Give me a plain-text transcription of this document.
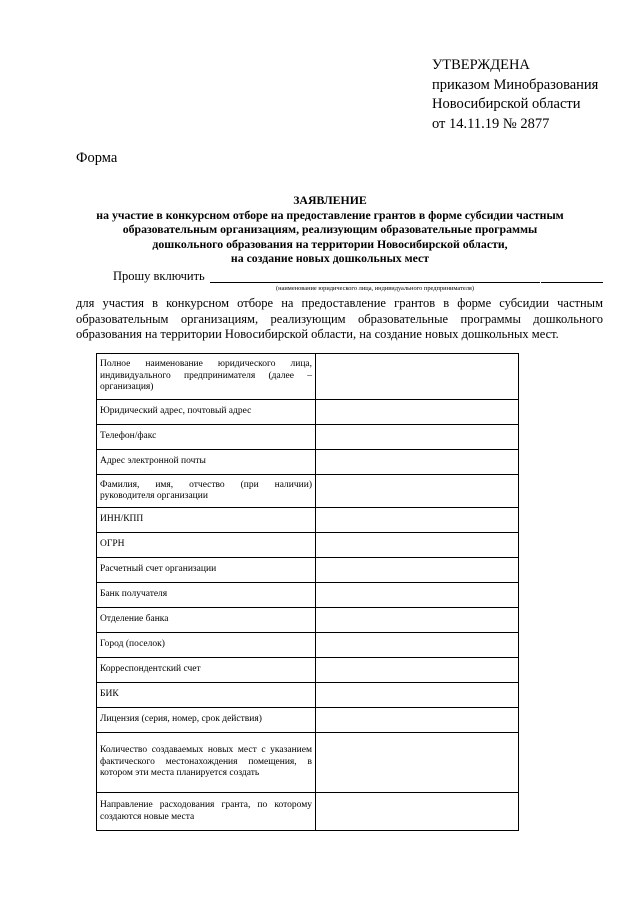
УТВЕРЖДЕНА
приказом Минобразования
Новосибирской области
от 14.11.19 № 2877
Форма
ЗАЯВЛЕНИЕ
на участие в конкурсном отборе на предоставление грантов в форме субсидии частным
образовательным организациям, реализующим образовательные программы
дошкольного образования на территории Новосибирской области,
на создание новых дошкольных мест
Прошу включить
(наименование юридического лица, индивидуального предпринимателя)
для участия в конкурсном отборе на предоставление грантов в форме субсидии частным образовательным организациям, реализующим образовательные программы дошкольного образования на территории Новосибирской области, на создание новых дошкольных мест.
Полное наименование юридического лица, индивидуального предпринимателя (далее – организация)	
Юридический адрес, почтовый адрес	
Телефон/факс	
Адрес электронной почты	
Фамилия, имя, отчество (при наличии) руководителя организации	
ИНН/КПП	
ОГРН	
Расчетный счет организации	
Банк получателя	
Отделение банка	
Город (поселок)	
Корреспондентский счет	
БИК	
Лицензия (серия, номер, срок действия)	
Количество создаваемых новых мест с указанием фактического местонахождения помещения, в котором эти места планируется создать	
Направление расходования гранта, по которому создаются новые места	
